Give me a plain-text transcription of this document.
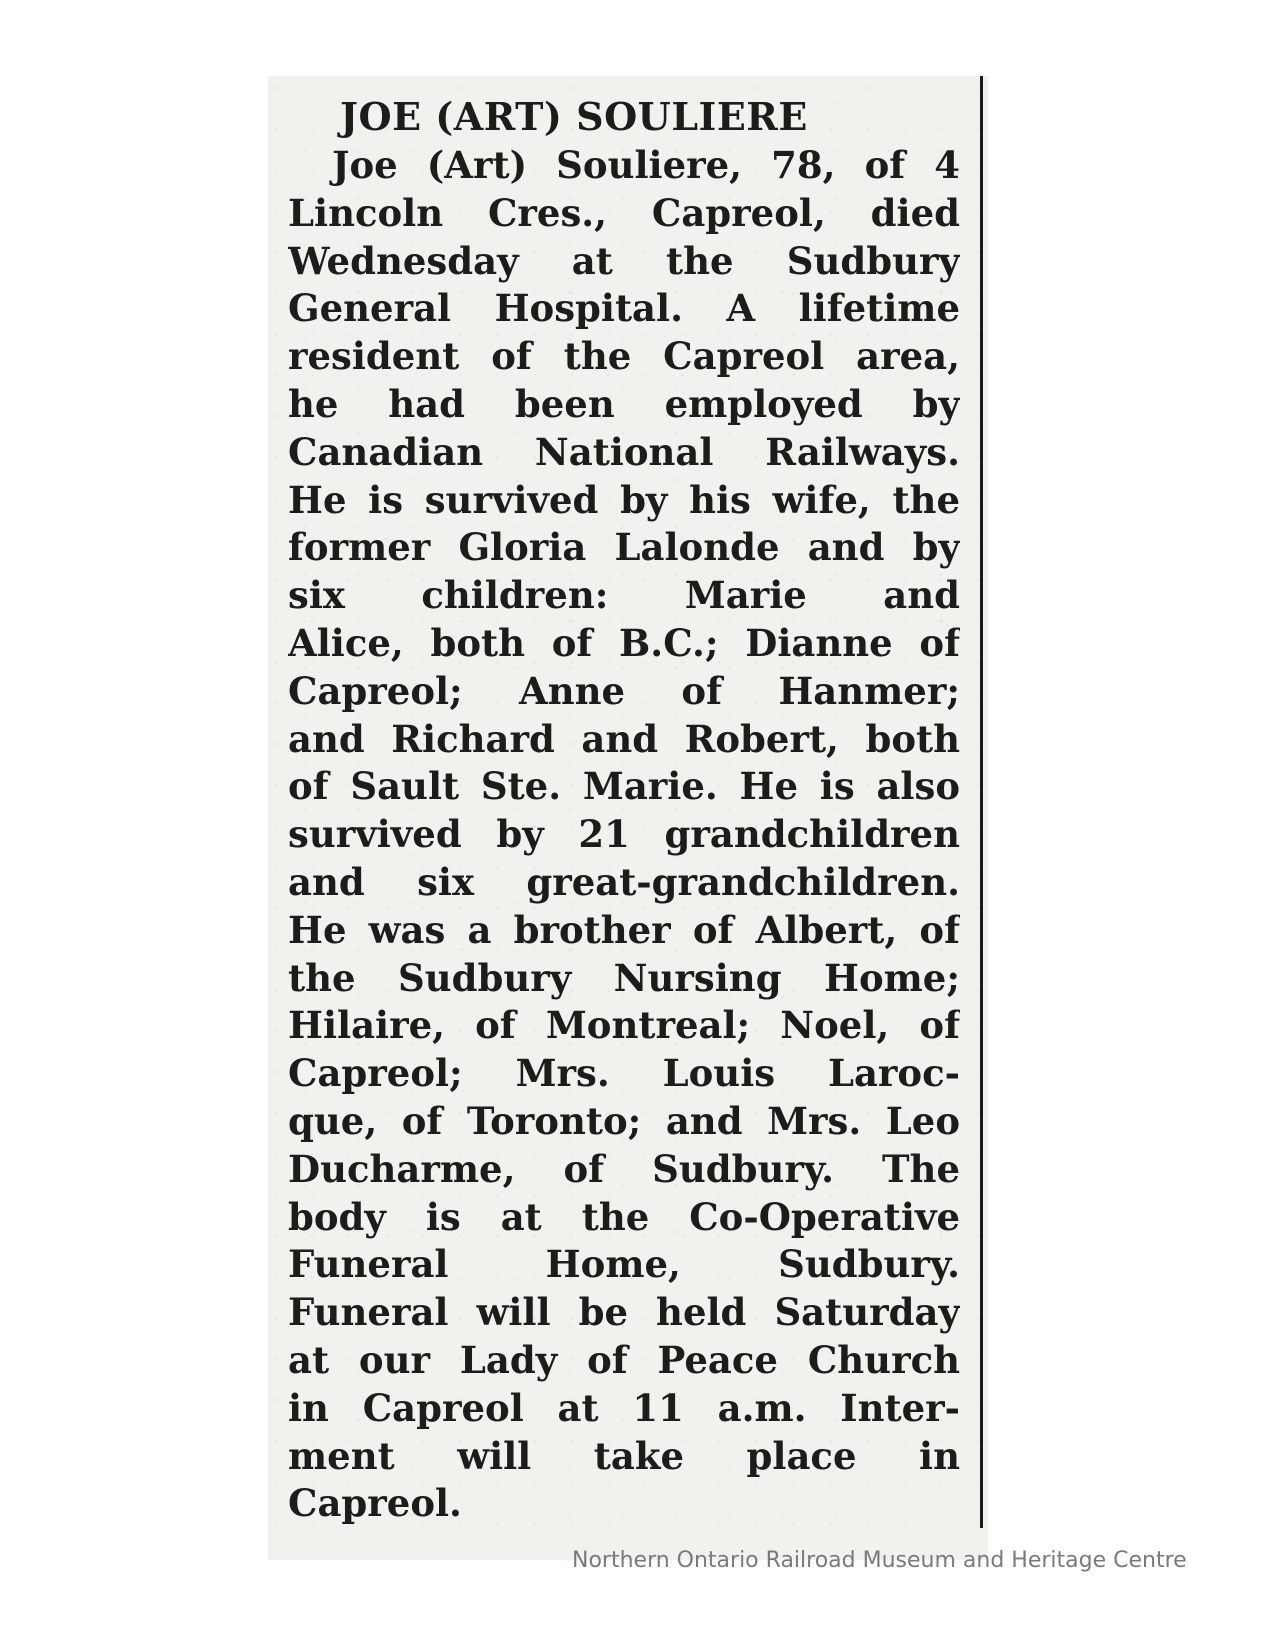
JOE (ART) SOULIERE
Joe (Art) Souliere, 78, of 4
Lincoln Cres., Capreol, died
Wednesday at the Sudbury
General Hospital. A lifetime
resident of the Capreol area,
he had been employed by
Canadian National Railways.
He is survived by his wife, the
former Gloria Lalonde and by
six children: Marie and
Alice, both of B.C.; Dianne of
Capreol; Anne of Hanmer;
and Richard and Robert, both
of Sault Ste. Marie. He is also
survived by 21 grandchildren
and six great-grandchildren.
He was a brother of Albert, of
the Sudbury Nursing Home;
Hilaire, of Montreal; Noel, of
Capreol; Mrs. Louis Laroc-
que, of Toronto; and Mrs. Leo
Ducharme, of Sudbury. The
body is at the Co-Operative
Funeral Home, Sudbury.
Funeral will be held Saturday
at our Lady of Peace Church
in Capreol at 11 a.m. Inter-
ment will take place in
Capreol.
Northern Ontario Railroad Museum and Heritage Centre
